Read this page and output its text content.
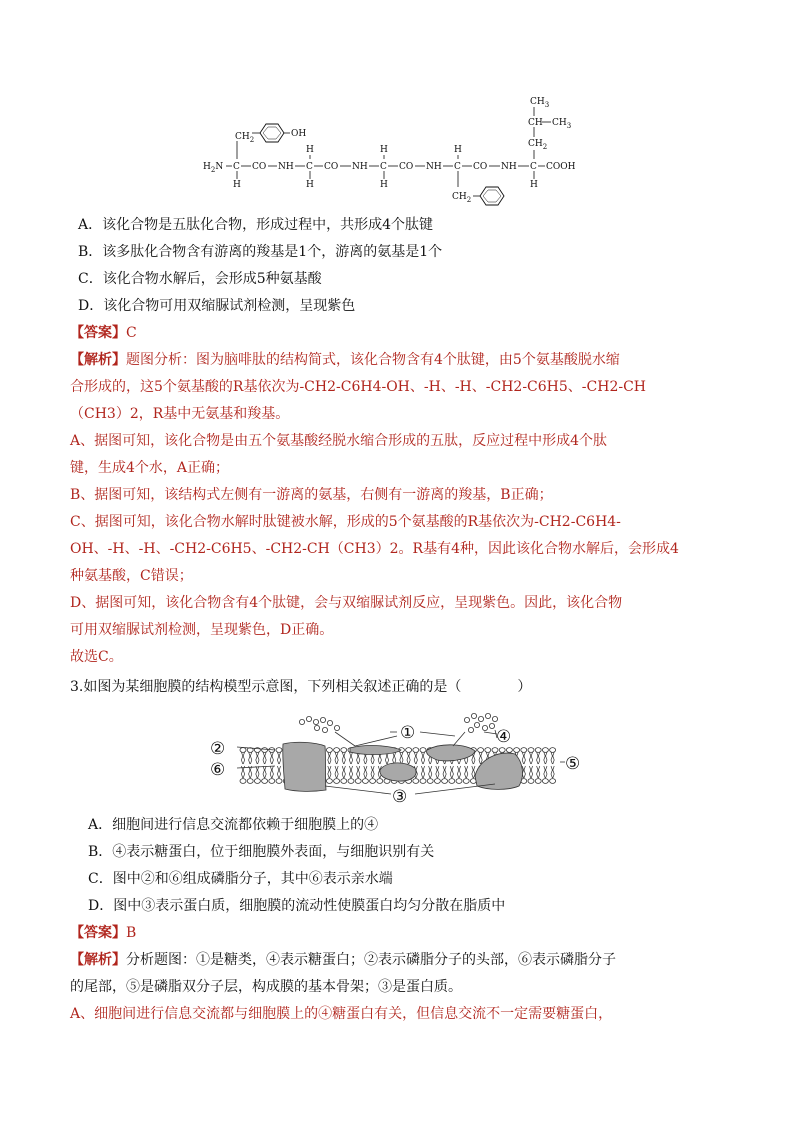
$CH_2$
OH
$H_2N$ C
H
CO NH C
H
H
CO NH C
H
H
CO NH C
H
$CH_2$
CO NH C
H
COOH
$CH_2$
CH $CH_3$
$CH_3$
A．该化合物是五肽化合物，形成过程中，共形成4个肽键
B．该多肽化合物含有游离的羧基是1个，游离的氨基是1个
C．该化合物水解后，会形成5种氨基酸
D．该化合物可用双缩脲试剂检测，呈现紫色
【答案】C
【解析】题图分析：图为脑啡肽的结构简式，该化合物含有4个肽键，由5个氨基酸脱水缩
合形成的，这5个氨基酸的R基依次为-CH2-C6H4-OH、-H、-H、-CH2-C6H5、-CH2-CH
（CH3）2，R基中无氨基和羧基。
A、据图可知，该化合物是由五个氨基酸经脱水缩合形成的五肽，反应过程中形成4个肽
键，生成4个水，A正确；
B、据图可知，该结构式左侧有一游离的氨基，右侧有一游离的羧基，B正确；
C、据图可知，该化合物水解时肽键被水解，形成的5个氨基酸的R基依次为-CH2-C6H4-
OH、-H、-H、-CH2-C6H5、-CH2-CH（CH3）2。R基有4种，因此该化合物水解后，会形成4
种氨基酸，C错误；
D、据图可知，该化合物含有4个肽键，会与双缩脲试剂反应，呈现紫色。因此，该化合物
可用双缩脲试剂检测，呈现紫色，D正确。
故选C。
3.如图为某细胞膜的结构模型示意图，下列相关叙述正确的是（　　　　）
①	④
②
⑥	⑤
③
A．细胞间进行信息交流都依赖于细胞膜上的④
B．④表示糖蛋白，位于细胞膜外表面，与细胞识别有关
C．图中②和⑥组成磷脂分子，其中⑥表示亲水端
D．图中③表示蛋白质，细胞膜的流动性使膜蛋白均匀分散在脂质中
【答案】B
【解析】分析题图：①是糖类，④表示糖蛋白；②表示磷脂分子的头部，⑥表示磷脂分子
的尾部，⑤是磷脂双分子层，构成膜的基本骨架；③是蛋白质。
A、细胞间进行信息交流都与细胞膜上的④糖蛋白有关，但信息交流不一定需要糖蛋白，
